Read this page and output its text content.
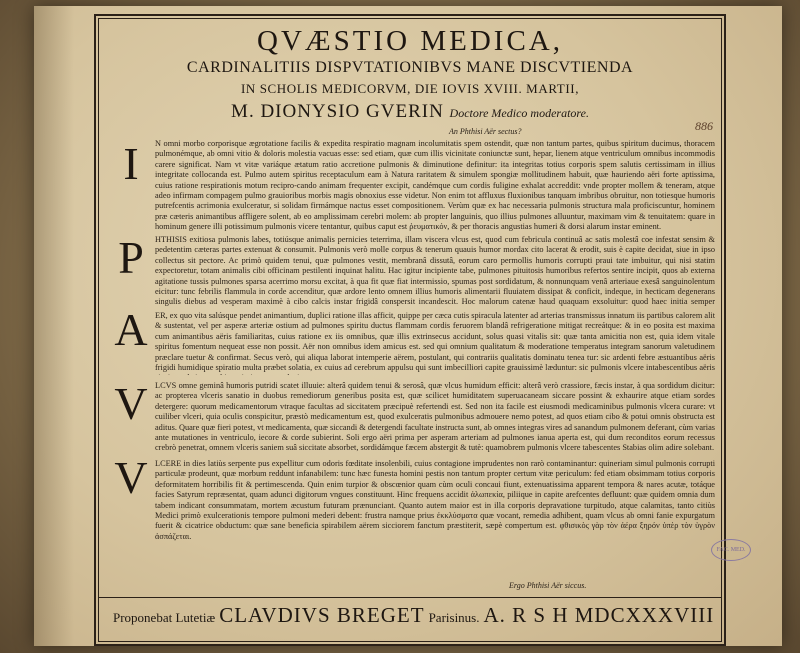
QVÆSTIO MEDICA,
CARDINALITIIS DISPVTATIONIBVS MANE DISCVTIENDA
IN SCHOLIS MEDICORVM, DIE IOVIS XVIII. MARTII,
M. DIONYSIO GVERIN Doctore Medico moderatore.
An Phthisi Aër sectus?	886
I
P
A
V
V
N omni morbo corporisque ægrotatione facilis & expedita respiratio magnam incolumitatis spem ostendit, quæ non tantum partes, quibus spiritum ducimus, thoracem pulmonémque, ab omni vitio & doloris molestia vacuas esse: sed etiam, quæ cum illis vicinitate coniunctæ sunt, hepar, lienem atque ventriculum omnibus incommodis carere significat. Nam vt vitæ variáque ætatum ratio accretione pulmonis & diminutione definitur: ita integritas totius corporis spem salutis certissimam in illius integritate collocanda est. Pulmo autem spiritus receptaculum eam à Natura raritatem & simulem spongiæ mollitudinem habuit, quæ hauriendo aëri forte aptissima, cuius ratione respirationis motum recipro-cando animam frequenter excipit, candémque cum cordis fuligine exhalat accreddit: vnde propter mollem & teneram, atque adeo infirmam compagem pulmo grauioribus morbis magis obnoxius esse videtur. Non enim tot affluxus fluxionibus tanquam imbribus obruitur, non totiesque humoris putrefcentis acrimonia exulceratur, si solidam firmámque nactus esset compositionem. Verùm quæ ex hac necessaria pulmonis structura mala proficiscuntur, hominem præ cæteris animantibus affligere solent, ab eo amplissimam cerebri molem: ab propter languinis, quo illius pulmones alluuntur, maximam vim & tenuitatem: quare in hominum genere illi potissimum pulmonis vicere tentantur, quibus caput est ῥευματικόν, & per thoracis angustias humeri & dorsi alarum instar eminent.
HTHISIS exitiosa pulmonis labes, totiúsque animalis pernicies teterrima, illam viscera vlcus est, quod cum febricula continuâ ac satis molestâ coe infestat sensim & pedetentim cæteras partes extenuat & consumit. Pulmonis verò molle corpus & tenerum quauis humor mordax cito lacerat & erodit, suis è capite decidat, siue in ipso collectus sit pectore. Ac primò quidem tenui, quæ pulmones vestit, membranâ dissutâ, eorum caro permollis humoris corrupti praui tate imbuitur, qui nisi statim expectoretur, totam animalis cibi officinam pestilenti inquinat halitu. Hac igitur incipiente tabe, pulmones pituitosis humoribus refertos sentire incipit, quos ab externa agitatione tussis pulmones sparsa acerrimo morsu excitat, à qua fit quæ fiat intermissio, spumas post sordidatum, & nonnunquam venâ arteriaue exesâ sanguinolentum eicitur: tunc febrilis flammula in corde accenditur, quæ ardore lento omnem illius humoris alimentarii fluuiatem dissipat & conficit, indeque, in hecticam degenerans singulis diebus ad vesperam maximè à cibo calcis instar frigidâ conspersit incandescit. Hoc malorum catenæ haud quaquam exsoluitur: quod haec initia semper
ER, ex quo vita salúsque pendet animantium, duplici ratione illas afficit, quippe per cæca cutis spiracula latenter ad arterias transmissus innatum iis partibus calorem alit & sustentat, vel per asperæ arteriæ ostium ad pulmones spiritu ductus flammam cordis feruorem blandâ refrigeratione mitigat recreátque: & in eo posita est maxima cum animantibus aëris familiaritas, cuius ratione ex iis omnibus, quæ illis extrinsecus accidunt, solus quasi vitalis sit: quæ tanta amicitia non est, quia idem vitale spiritus fomentum nequeat esse non possit. Aër non omnibus idem amicus est. sed qui omnium qualitatum & moderatione temperatus integram sanorum valetudinem præclare tuetur & confirmat. Secus verò, qui aliqua laborat intemperie aërem, postulant, qui contrariis qualitatis dominatu tenea tur: sic ardenti febre æstuantibus aëris frigidi humidique spiratio multa præbet solatia, ex cuius ad cerebrum appulsu qui sunt imbecilliori capite grauissimè læduntur: sic pulmonis vlcere intabescentibus aëris
LCVS omne geminâ humoris putridi scatet illuuie: alterâ quidem tenui & serosâ, quæ vlcus humidum efficit: alterâ verò crassiore, fæcis instar, à qua sordidum dicitur: ac propterea vlceris sanatio in duobus remediorum generibus posita est, quæ scilicet humiditatem superuacaneam siccare possint & exhaurire atque etiam sordes detergere: quorum medicamentorum vtraque facultas ad siccitatem præcipuè refertendi est. Sed non ita facile est eiusmodi medicaminibus pulmonis vlcera curare: vt cuiliber vlceri, quia oculis conspicitur, præstò medicamentum est, quod exulceratis pulmonibus admouere nemo potest, ad quos etiam cibo & potui omnis obstructa est aditus. Quare quæ fieri potest, vt medicamenta, quæ siccandi & detergendi facultate instructa sunt, ab omnes integras vires ad sanandum pulmonem deferant, cùm varias ante mutationes in ventriculo, iecore & corde subierint. Soli ergo aëri prima per asperam arteriam ad pulmones ianua aperta est, qui dum reconditos eorum recessus crebrò penetrat, omnem vlceris saniem suâ siccitate absorbet, sordidámque fæcem abstergit & tutè: quamobrem pulmonis vlcere tabescentes Stabias olim adire solebant.
LCERE in dies latiùs serpente pus expellitur cum odoris fœditate insolenbili, cuius contagione imprudentes non rarò contaminantur: quineriam simul pulmonis corrupti particulæ prodeunt, quæ morbum reddunt infanabilem: tunc hæc funesta homini pestis non tantum propter certum vitæ periculum: fed etiam obsimmam totius corporis deformitatem horribilis fit & pertimescenda. Quin enim turpior & obscœnior quam cùm oculi concaui fiunt, extenuatissima apparent tempora & nares acutæ, totáque facies Satyrum repræsentat, quam adunci digitorum vngues constituunt. Hinc frequens accidit ἀλωπεκία, piliique in capite arefcentes defluunt: quæ quidem omnia dum tabem indicant consummatam, mortem æcustum futuram prænunciant. Quanto autem maior est in illa corporis depravatione turpitudo, atque calamitas, tanto citiùs Medici primò exulcerationis tempore pulmoni mederi debent: frustra namque prius ἐκκλύσματα quæ vocant, remedia adhibent, quam vlcus ab omni fanie expurgatum fuerit & cicatrice obductum: quæ sane beneficia spirabilem aërem sicciorem fanctum præstiterit, sæpè compertum est. φθισικὸς γὰρ τὸν ἀέρα ξηρόν ὑπὲρ τὸν ὑγρὸν ἀσπάζεται.
Ergo Phthisi Aër siccus.
FAC. MED.
Proponebat Lutetiæ CLAVDIVS BREGET Parisinus. A. R S H MDCXXXVIII
